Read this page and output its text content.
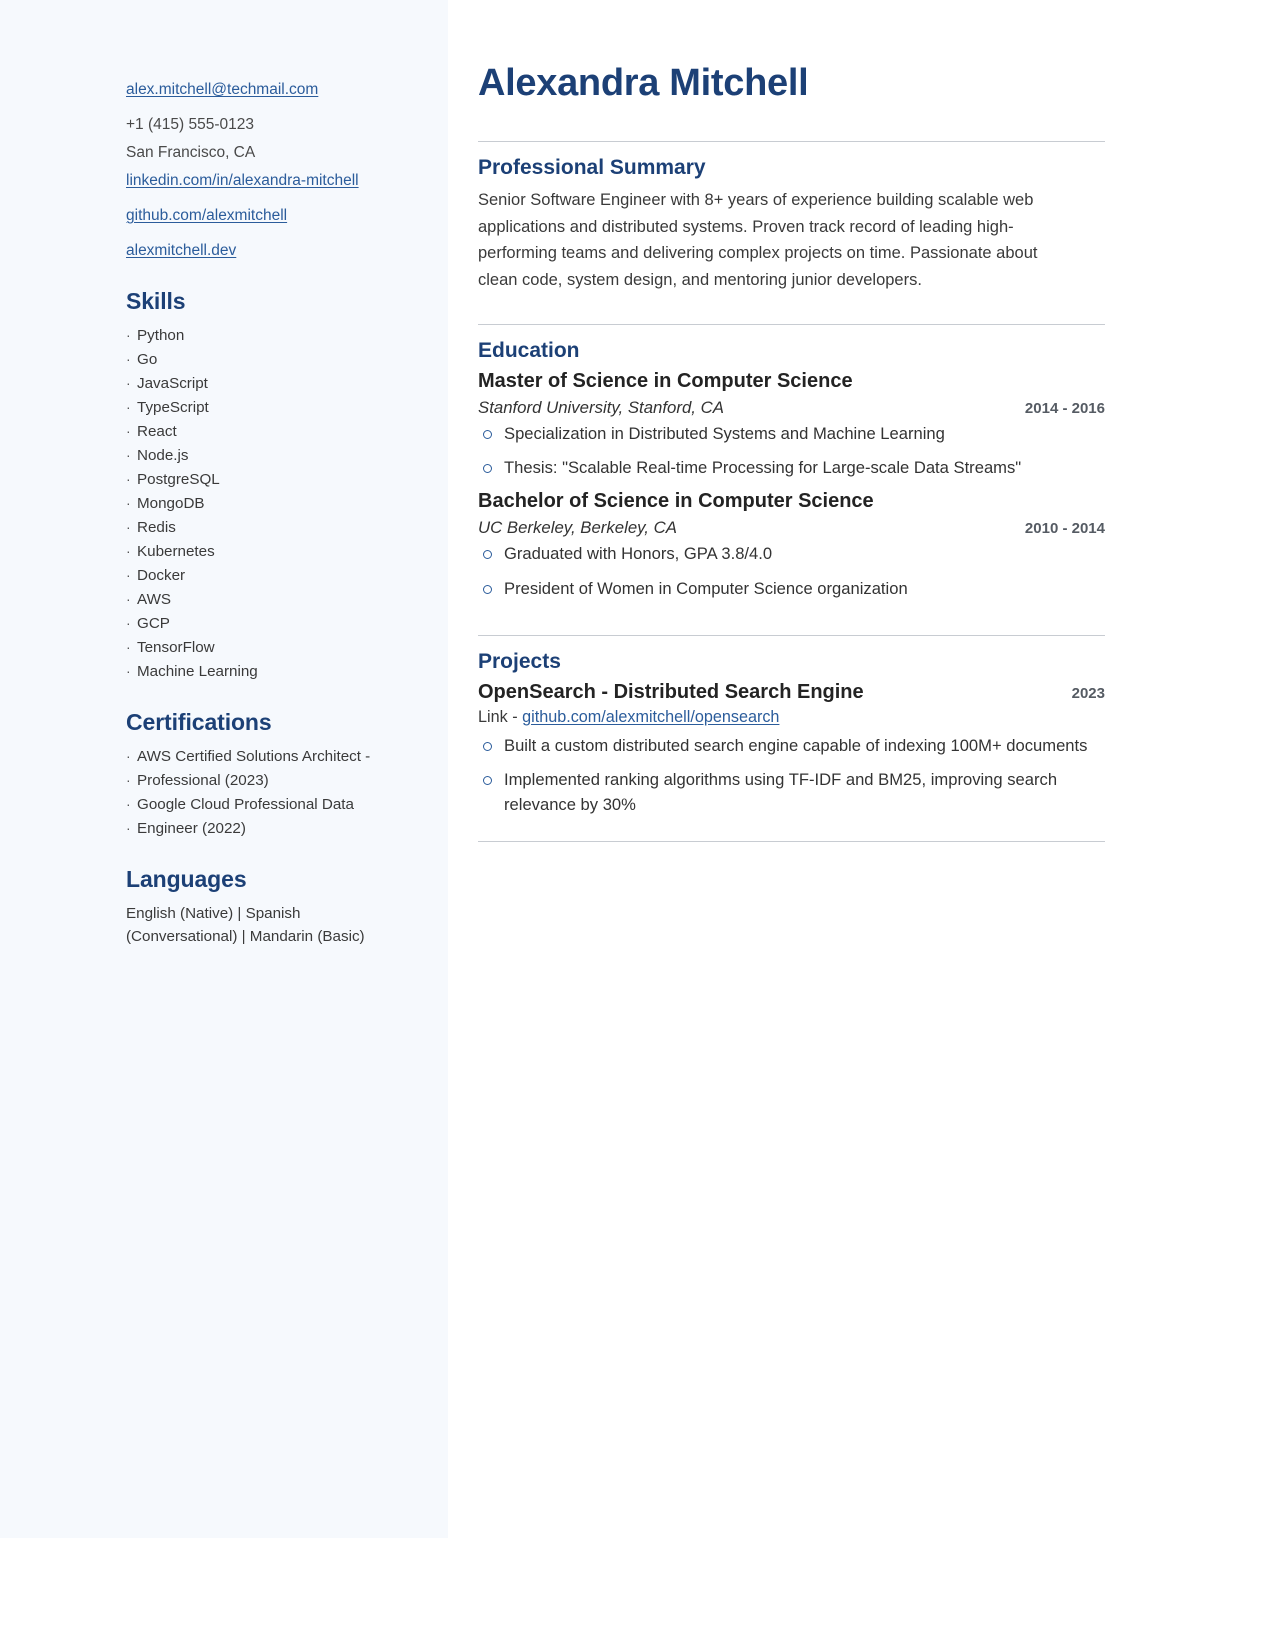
alex.mitchell@techmail.com
+1 (415) 555-0123
San Francisco, CA
linkedin.com/in/alexandra-mitchell
github.com/alexmitchell
alexmitchell.dev
Skills
· Python
· Go
· JavaScript
· TypeScript
· React
· Node.js
· PostgreSQL
· MongoDB
· Redis
· Kubernetes
· Docker
· AWS
· GCP
· TensorFlow
· Machine Learning
Certifications
· AWS Certified Solutions Architect -
· Professional (2023)
· Google Cloud Professional Data
· Engineer (2022)
Languages
English (Native) | Spanish (Conversational) | Mandarin (Basic)
Alexandra Mitchell
Professional Summary

Senior Software Engineer with 8+ years of experience building scalable web applications and distributed systems. Proven track record of leading high-performing teams and delivering complex projects on time. Passionate about clean code, system design, and mentoring junior developers.

Education
Master of Science in Computer Science
Stanford University, Stanford, CA	2014 - 2016
Specialization in Distributed Systems and Machine Learning
Thesis: "Scalable Real-time Processing for Large-scale Data Streams"
Bachelor of Science in Computer Science
UC Berkeley, Berkeley, CA	2010 - 2014
Graduated with Honors, GPA 3.8/4.0
President of Women in Computer Science organization
Projects
OpenSearch - Distributed Search Engine	2023
Link - github.com/alexmitchell/opensearch
Built a custom distributed search engine capable of indexing 100M+ documents
Implemented ranking algorithms using TF-IDF and BM25, improving search relevance by 30%
